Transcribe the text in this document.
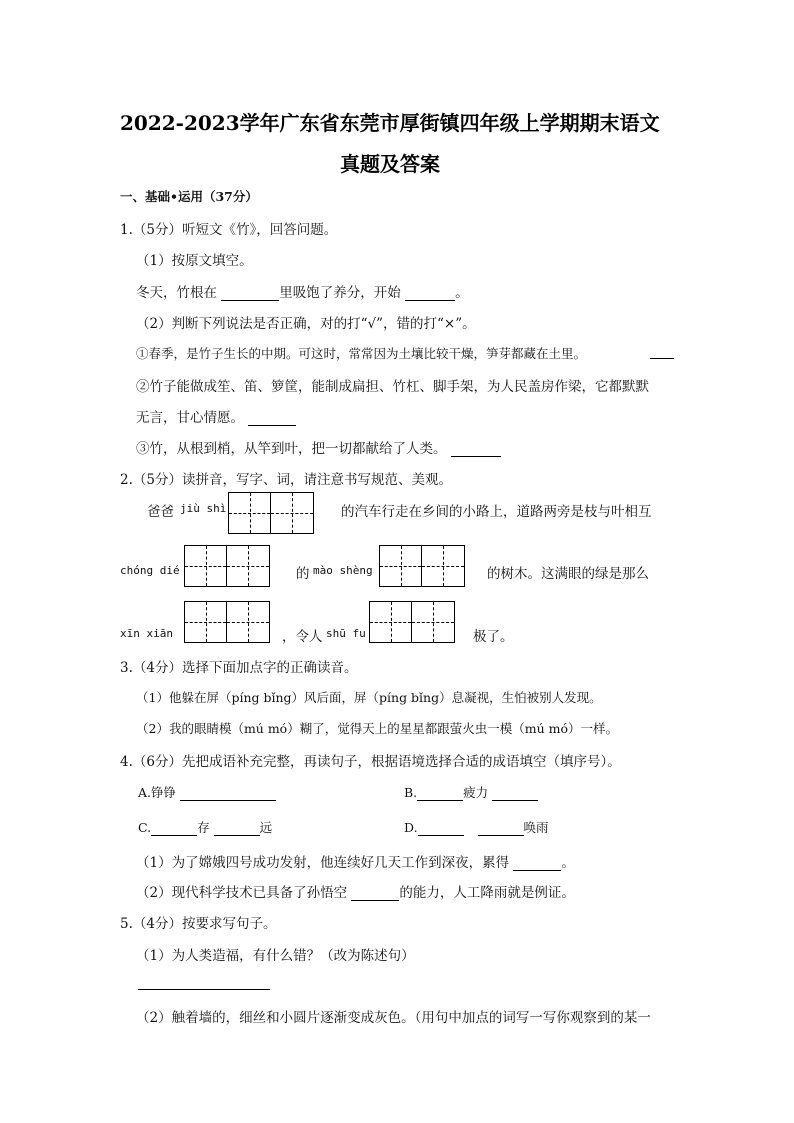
2022-2023学年广东省东莞市厚街镇四年级上学期期末语文
真题及答案
一、基础•运用（37分）
1.（5分）听短文《竹》，回答问题。
（1）按原文填空。
冬天，竹根在	里吸饱了养分，开始	。
（2）判断下列说法是否正确，对的打“√”，错的打“×”。
①春季，是竹子生长的中期。可这时，常常因为土壤比较干燥，笋芽都藏在土里。
②竹子能做成笙、笛、箩筐，能制成扁担、竹杠、脚手架，为人民盖房作梁，它都默默
无言，甘心情愿。
③竹，从根到梢，从竿到叶，把一切都献给了人类。
2.（5分）读拼音，写字、词，请注意书写规范、美观。
爸爸 jiù shì	的汽车行走在乡间的小路上，道路两旁是枝与叶相互
chóng dié	的 mào shèng	的树木。这满眼的绿是那么
xīn xiān	，令人 shū fu	极了。
3.（4分）选择下面加点字的正确读音。
（1）他躲在屏（píng bǐng）风后面，屏（píng bǐng）息凝视，生怕被别人发现。
（2）我的眼睛模（mú mó）糊了，觉得天上的星星都跟萤火虫一模（mú mó）一样。
4.（6分）先把成语补充完整，再读句子，根据语境选择合适的成语填空（填序号）。
A.铮铮	B.	疲力
C.	存	远	D.	唤雨
（1）为了嫦娥四号成功发射，他连续好几天工作到深夜，累得	。
（2）现代科学技术已具备了孙悟空	的能力，人工降雨就是例证。
5.（4分）按要求写句子。
（1）为人类造福，有什么错？（改为陈述句）
（2）触着墙的，细丝和小圆片逐渐变成灰色。（用句中加点的词写一写你观察到的某一
